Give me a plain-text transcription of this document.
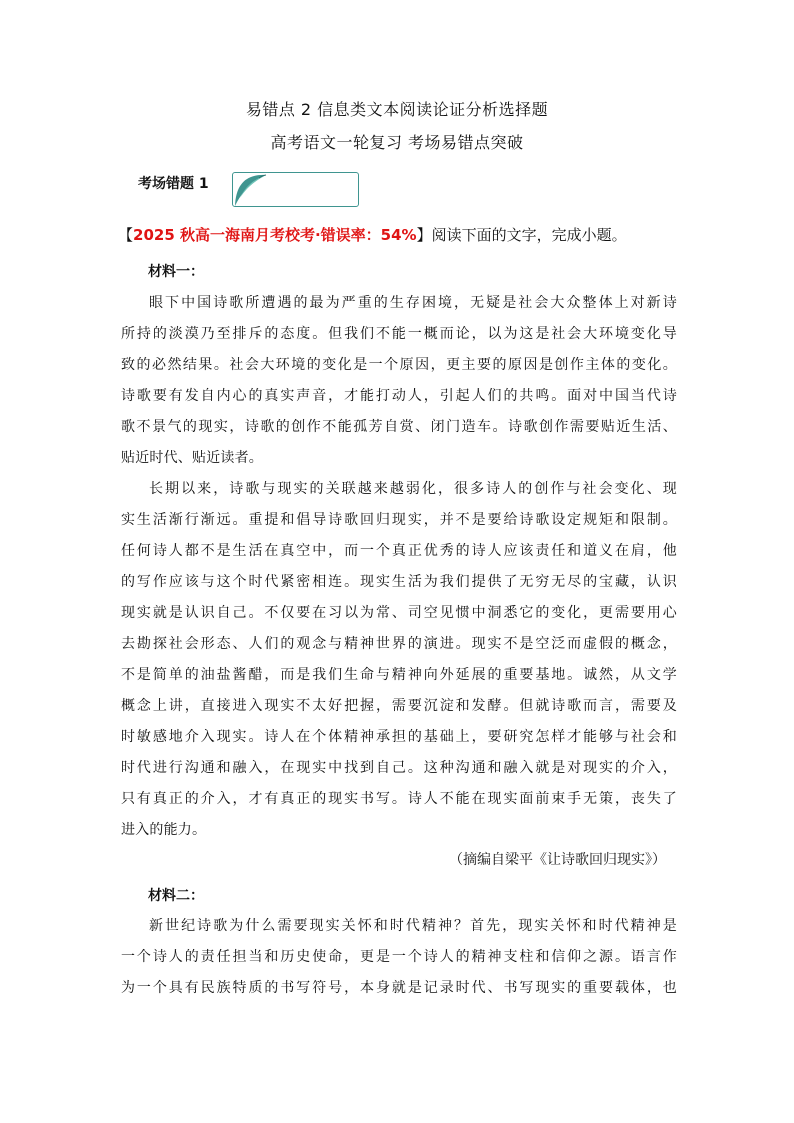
易错点 2 信息类文本阅读论证分析选择题
高考语文一轮复习 考场易错点突破
考场错题 1
【2025 秋高一海南月考校考·错误率：54%】阅读下面的文字，完成小题。
材料一：
眼下中国诗歌所遭遇的最为严重的生存困境，无疑是社会大众整体上对新诗
所持的淡漠乃至排斥的态度。但我们不能一概而论，以为这是社会大环境变化导
致的必然结果。社会大环境的变化是一个原因，更主要的原因是创作主体的变化。
诗歌要有发自内心的真实声音，才能打动人，引起人们的共鸣。面对中国当代诗
歌不景气的现实，诗歌的创作不能孤芳自赏、闭门造车。诗歌创作需要贴近生活、
贴近时代、贴近读者。
长期以来，诗歌与现实的关联越来越弱化，很多诗人的创作与社会变化、现
实生活渐行渐远。重提和倡导诗歌回归现实，并不是要给诗歌设定规矩和限制。
任何诗人都不是生活在真空中，而一个真正优秀的诗人应该责任和道义在肩，他
的写作应该与这个时代紧密相连。现实生活为我们提供了无穷无尽的宝藏，认识
现实就是认识自己。不仅要在习以为常、司空见惯中洞悉它的变化，更需要用心
去勘探社会形态、人们的观念与精神世界的演进。现实不是空泛而虚假的概念，
不是简单的油盐酱醋，而是我们生命与精神向外延展的重要基地。诚然，从文学
概念上讲，直接进入现实不太好把握，需要沉淀和发酵。但就诗歌而言，需要及
时敏感地介入现实。诗人在个体精神承担的基础上，要研究怎样才能够与社会和
时代进行沟通和融入，在现实中找到自己。这种沟通和融入就是对现实的介入，
只有真正的介入，才有真正的现实书写。诗人不能在现实面前束手无策，丧失了
进入的能力。
（摘编自梁平《让诗歌回归现实》）
材料二：
新世纪诗歌为什么需要现实关怀和时代精神？首先，现实关怀和时代精神是
一个诗人的责任担当和历史使命，更是一个诗人的精神支柱和信仰之源。语言作
为一个具有民族特质的书写符号，本身就是记录时代、书写现实的重要载体，也
